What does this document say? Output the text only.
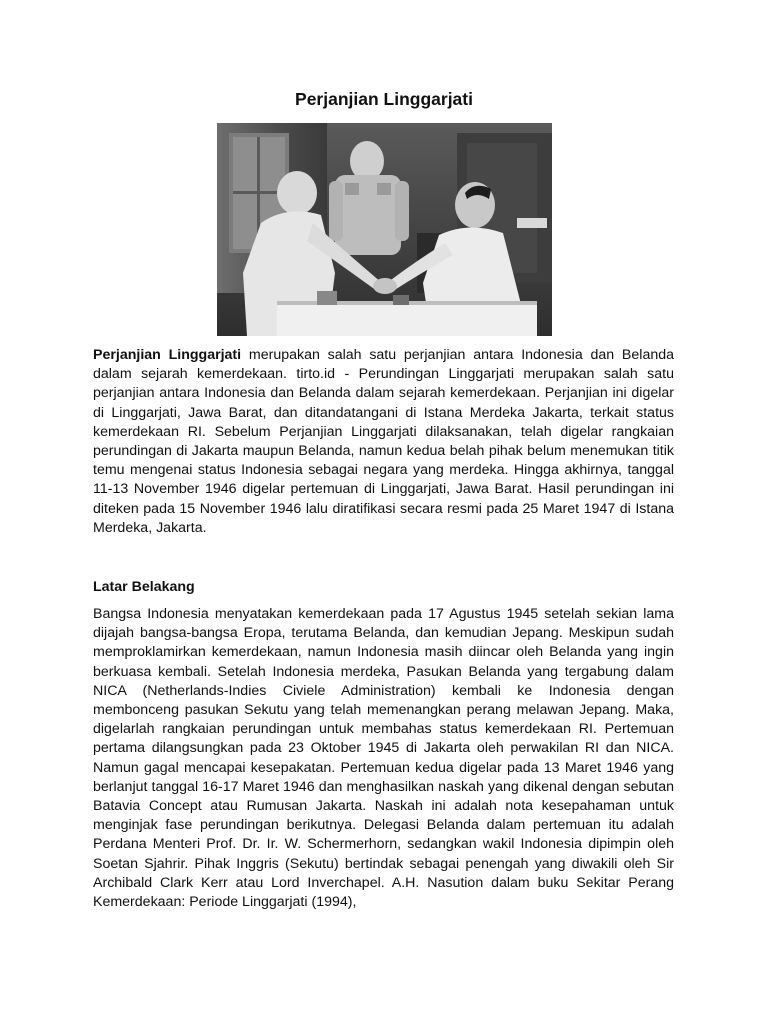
Perjanjian Linggarjati

Perjanjian Linggarjati merupakan salah satu perjanjian antara Indonesia dan Belanda dalam sejarah kemerdekaan. tirto.id - Perundingan Linggarjati merupakan salah satu perjanjian antara Indonesia dan Belanda dalam sejarah kemerdekaan. Perjanjian ini digelar di Linggarjati, Jawa Barat, dan ditandatangani di Istana Merdeka Jakarta, terkait status kemerdekaan RI. Sebelum Perjanjian Linggarjati dilaksanakan, telah digelar rangkaian perundingan di Jakarta maupun Belanda, namun kedua belah pihak belum menemukan titik temu mengenai status Indonesia sebagai negara yang merdeka. Hingga akhirnya, tanggal 11-13 November 1946 digelar pertemuan di Linggarjati, Jawa Barat. Hasil perundingan ini diteken pada 15 November 1946 lalu diratifikasi secara resmi pada 25 Maret 1947 di Istana Merdeka, Jakarta.

Latar Belakang

Bangsa Indonesia menyatakan kemerdekaan pada 17 Agustus 1945 setelah sekian lama dijajah bangsa-bangsa Eropa, terutama Belanda, dan kemudian Jepang. Meskipun sudah memproklamirkan kemerdekaan, namun Indonesia masih diincar oleh Belanda yang ingin berkuasa kembali. Setelah Indonesia merdeka, Pasukan Belanda yang tergabung dalam NICA (Netherlands-Indies Civiele Administration) kembali ke Indonesia dengan membonceng pasukan Sekutu yang telah memenangkan perang melawan Jepang. Maka, digelarlah rangkaian perundingan untuk membahas status kemerdekaan RI. Pertemuan pertama dilangsungkan pada 23 Oktober 1945 di Jakarta oleh perwakilan RI dan NICA. Namun gagal mencapai kesepakatan. Pertemuan kedua digelar pada 13 Maret 1946 yang berlanjut tanggal 16-17 Maret 1946 dan menghasilkan naskah yang dikenal dengan sebutan Batavia Concept atau Rumusan Jakarta. Naskah ini adalah nota kesepahaman untuk menginjak fase perundingan berikutnya. Delegasi Belanda dalam pertemuan itu adalah Perdana Menteri Prof. Dr. Ir. W. Schermerhorn, sedangkan wakil Indonesia dipimpin oleh Soetan Sjahrir. Pihak Inggris (Sekutu) bertindak sebagai penengah yang diwakili oleh Sir Archibald Clark Kerr atau Lord Inverchapel. A.H. Nasution dalam buku Sekitar Perang Kemerdekaan: Periode Linggarjati (1994),
